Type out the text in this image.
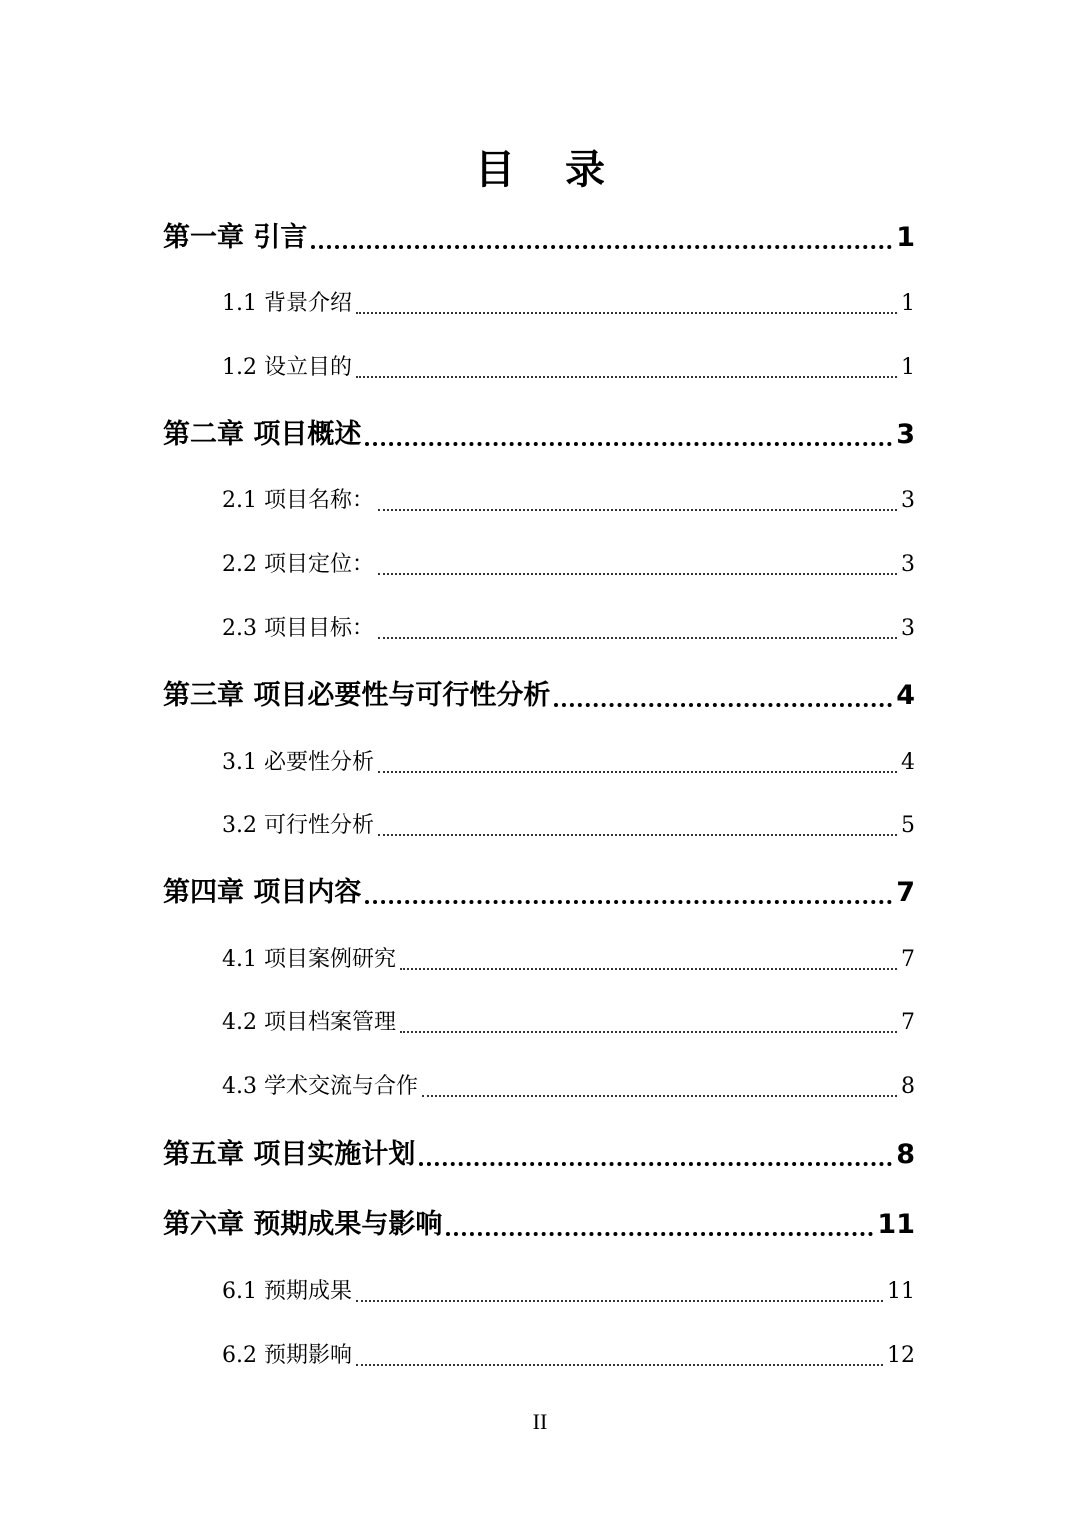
目 录
第一章 引言	1
1.1 背景介绍	1
1.2 设立目的	1
第二章 项目概述	3
2.1 项目名称：	3
2.2 项目定位：	3
2.3 项目目标：	3
第三章 项目必要性与可行性分析	4
3.1 必要性分析	4
3.2 可行性分析	5
第四章 项目内容	7
4.1 项目案例研究	7
4.2 项目档案管理	7
4.3 学术交流与合作	8
第五章 项目实施计划	8
第六章 预期成果与影响	11
6.1 预期成果	11
6.2 预期影响	12
II
